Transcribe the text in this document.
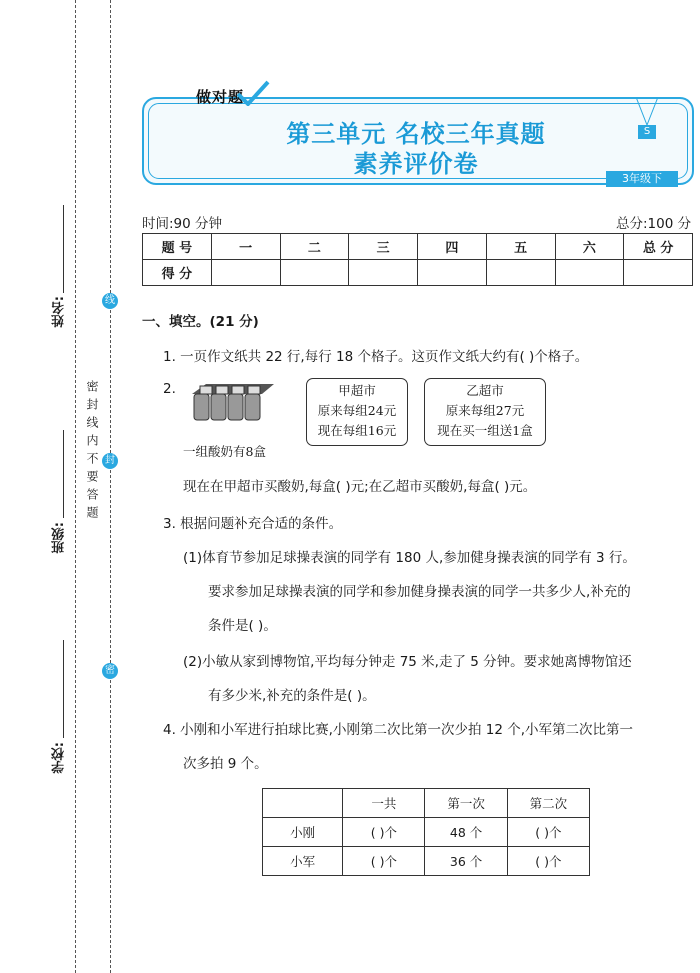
姓名:
班级:
学校:
密封线内不要答题
线
封
密
做对题
第三单元 名校三年真题
素养评价卷
S
3年级下
时间:90 分钟	总分:100 分
题 号	一	二	三	四	五	六	总 分
得 分							
一、填空。(21 分)
1. 一页作文纸共 22 行,每行 18 个格子。这页作文纸大约有( )个格子。
2.
一组酸奶有8盒
甲超市
原来每组24元
现在每组16元
乙超市
原来每组27元
现在买一组送1盒
现在在甲超市买酸奶,每盒( )元;在乙超市买酸奶,每盒( )元。
3. 根据问题补充合适的条件。
(1)体育节参加足球操表演的同学有 180 人,参加健身操表演的同学有 3 行。
要求参加足球操表演的同学和参加健身操表演的同学一共多少人,补充的
条件是( )。
(2)小敏从家到博物馆,平均每分钟走 75 米,走了 5 分钟。要求她离博物馆还
有多少米,补充的条件是( )。
4. 小刚和小军进行拍球比赛,小刚第二次比第一次少拍 12 个,小军第二次比第一
次多拍 9 个。
	一共	第一次	第二次
小刚	( )个	48 个	( )个
小军	( )个	36 个	( )个
